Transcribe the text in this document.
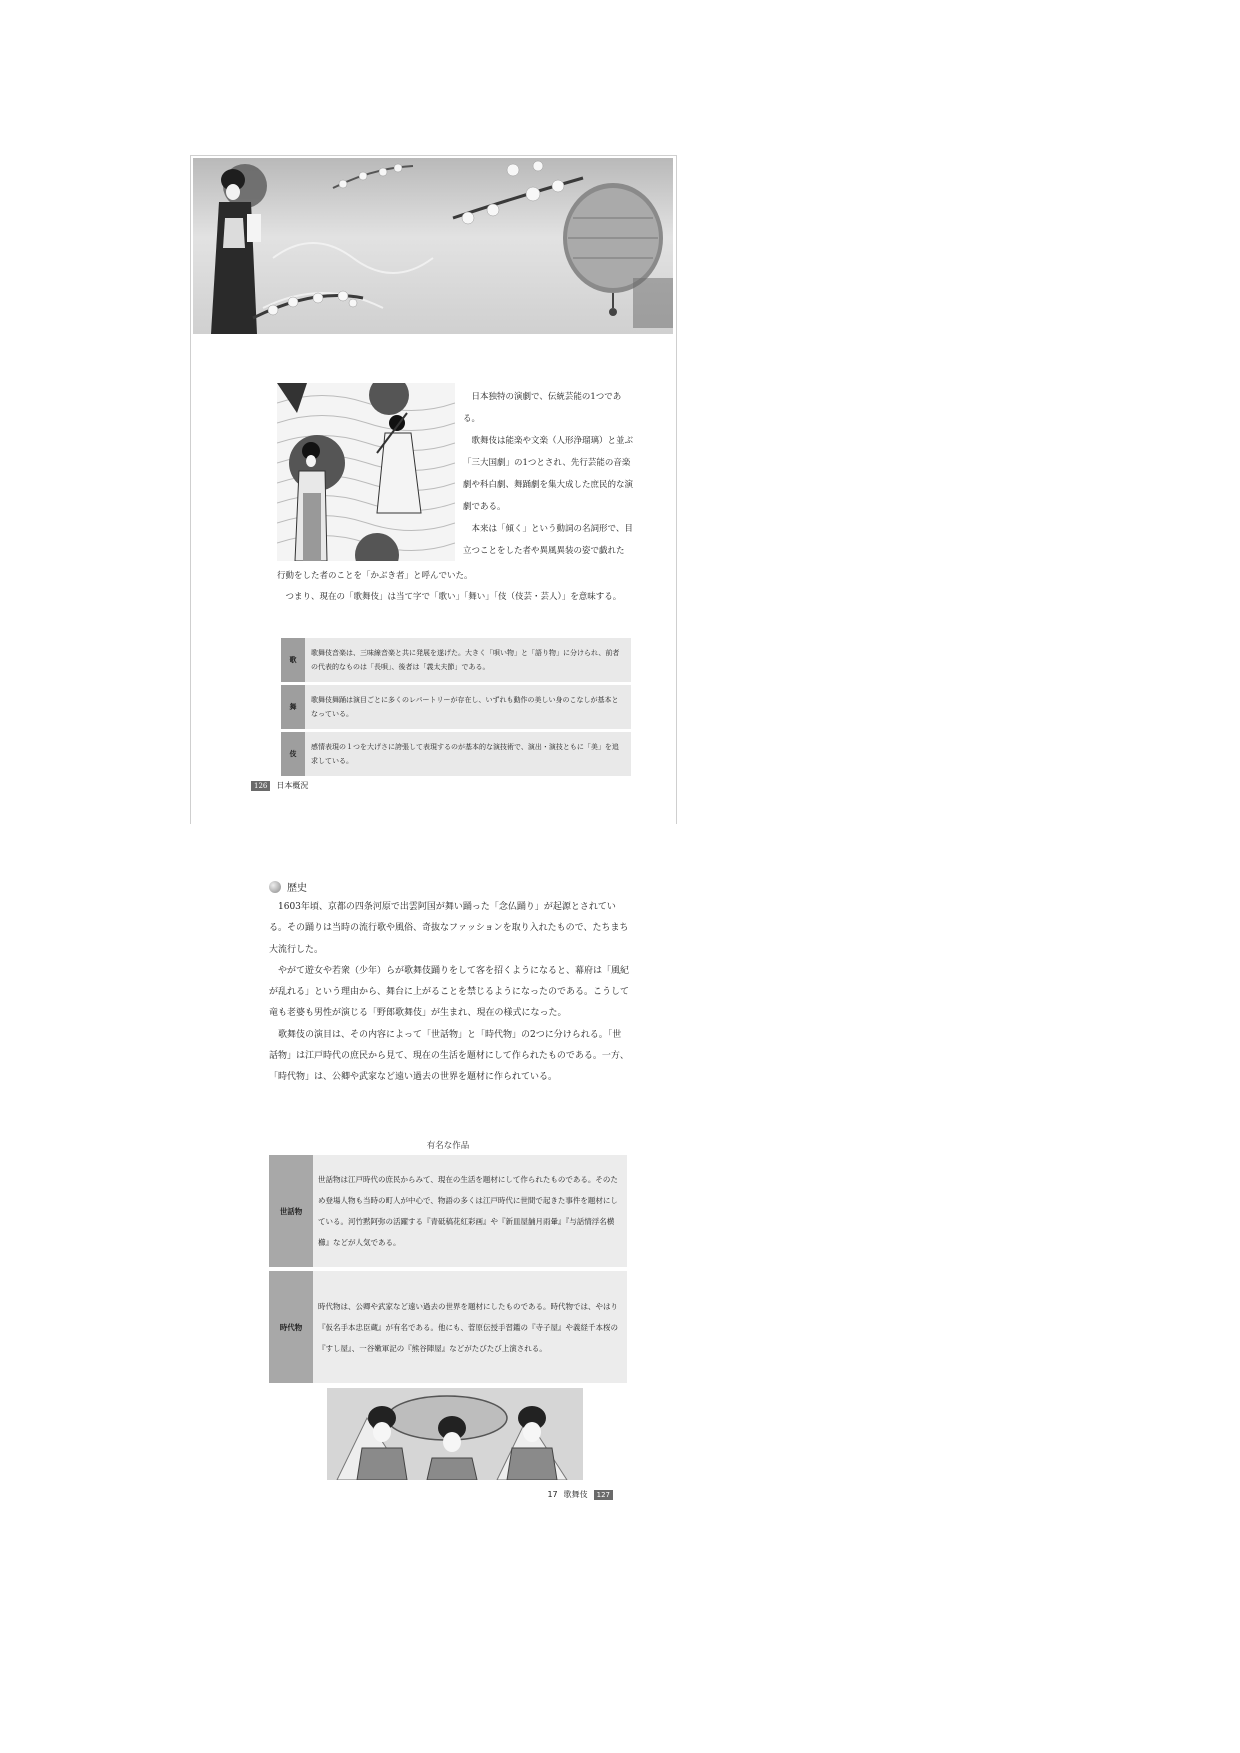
日本独特の演劇で、伝統芸能の1つである。

歌舞伎は能楽や文楽（人形浄瑠璃）と並ぶ「三大国劇」の1つとされ、先行芸能の音楽劇や科白劇、舞踊劇を集大成した庶民的な演劇である。

本来は「傾く」という動詞の名詞形で、目立つことをした者や異風異装の姿で戯れた

行動をした者のことを「かぶき者」と呼んでいた。

つまり、現在の「歌舞伎」は当て字で「歌い」「舞い」「伎（伎芸・芸人）」を意味する。

歌	歌舞伎音楽は、三味線音楽と共に発展を遂げた。大きく「唄い物」と「語り物」に分けられ、前者の代表的なものは「長唄」、後者は「義太夫節」である。
舞	歌舞伎舞踊は演目ごとに多くのレパートリーが存在し、いずれも動作の美しい身のこなしが基本となっている。
伎	感情表現の１つを大げさに誇張して表現するのが基本的な演技術で、演出・演技ともに「美」を追求している。
126	日本概況
歴史

1603年頃、京都の四条河原で出雲阿国が舞い踊った「念仏踊り」が起源とされている。その踊りは当時の流行歌や風俗、奇抜なファッションを取り入れたもので、たちまち大流行した。

やがて遊女や若衆（少年）らが歌舞伎踊りをして客を招くようになると、幕府は「風紀が乱れる」という理由から、舞台に上がることを禁じるようになったのである。こうして竜も老婆も男性が演じる「野郎歌舞伎」が生まれ、現在の様式になった。

歌舞伎の演目は、その内容によって「世話物」と「時代物」の2つに分けられる。「世話物」は江戸時代の庶民から見て、現在の生活を題材にして作られたものである。一方、「時代物」は、公卿や武家など遠い過去の世界を題材に作られている。

有名な作品
世話物	世話物は江戸時代の庶民からみて、現在の生活を題材にして作られたものである。そのため登場人物も当時の町人が中心で、物語の多くは江戸時代に世間で起きた事件を題材にしている。河竹黙阿弥の活躍する『青砥稿花紅彩画』や『新皿屋舗月雨暈』『与話情浮名横櫛』などが人気である。
時代物	時代物は、公卿や武家など遠い過去の世界を題材にしたものである。時代物では、やはり『仮名手本忠臣蔵』が有名である。他にも、菅原伝授手習鑑の『寺子屋』や義経千本桜の『すし屋』、一谷嫩軍記の『熊谷陣屋』などがたびたび上演される。
17 歌舞伎	127
